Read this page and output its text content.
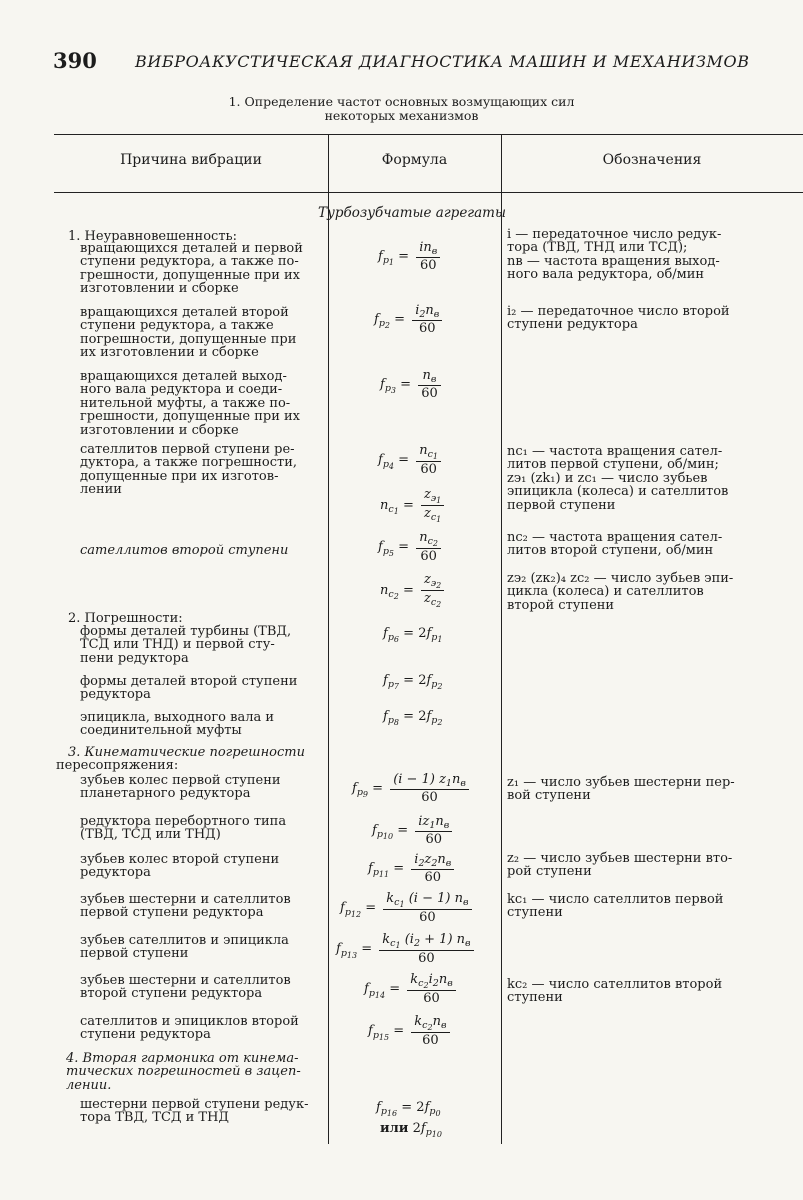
390 ВИБРОАКУСТИЧЕСКАЯ ДИАГНОСТИКА МАШИН И МЕХАНИЗМОВ
1. Определение частот основных возмущающих сил
некоторых механизмов
Причина вибрации	Формула	Обозначения
Турбозубчатые агрегаты
1. Неуравновешенность:
вращающихся деталей и первой
ступени редуктора, а также по-
грешности, допущенные при их
изготовлении и сборке
вращающихся деталей второй
ступени редуктора, а также
погрешности, допущенные при
их изготовлении и сборке
вращающихся деталей выход-
ного вала редуктора и соеди-
нительной муфты, а также по-
грешности, допущенные при их
изготовлении и сборке
сателлитов первой ступени ре-
дуктора, а также погрешности,
допущенные при их изготов-
лении
сателлитов второй ступени
2. Погрешности:
формы деталей турбины (ТВД,
ТСД или ТНД) и первой сту-
пени редуктора
формы деталей второй ступени
редуктора
эпицикла, выходного вала и
соединительной муфты
3. Кинематические погрешности
пересопряжения:
зубьев колес первой ступени
планетарного редуктора
редуктора перебортного типа
(ТВД, ТСД или ТНД)
зубьев колес второй ступени
редуктора
зубьев шестерни и сателлитов
первой ступени редуктора
зубьев сателлитов и эпицикла
первой ступени
зубьев шестерни и сателлитов
второй ступени редуктора
сателлитов и эпициклов второй
ступени редуктора
4. Вторая гармоника от кинема-
тических погрешностей в зацеп-
лении.
шестерни первой ступени редук-
тора ТВД, ТСД и ТНД
$f_{p_1}$ =
$in_в$
60
$f_{p_2}$ =
$i_2n_в$
60
$f_{p_3}$ =
$n_в$
60
$f_{p_4} = \frac{n_{c_1}}{60}$
$n_{c_1}$ =
$z_{э_1}$
$z_{c_1}$
$f_{p_5} = \frac{n_{c_2}}{60}$
$n_{c_2}$ =
$z_{э_2}$
$z_{c_2}$
$f_{p_6} = 2f_{p_1}$
$f_{p_7} = 2f_{p_2}$
$f_{p_8} = 2f_{p_2}$
$f_{p_9}$ =
(i − 1) $z_1n_в$
60
$f_{p_{10}}$ =
$iz_1n_в$
60
$f_{p_{11}}$ =
$i_2z_2n_в$
60
$f_{p_{12}}$ =
$k_{c_1}$ (i − 1) $n_в$
60
$f_{p_{13}}$ =
$k_{c_1}$ $(i_2 + 1)$ $n_в$
60
$f_{p_{14}}$ =
$k_{c_2}i_2n_в$
60
$f_{p_{15}}$ =
$k_{c_2}n_в$
60
$f_{p_{16}} = 2f_{p_0}$
или $2f_{p_{10}}$
i — передаточное число редук-
тора (ТВД, ТНД или ТСД);
nв — частота вращения выход-
ного вала редуктора, об/мин
i₂ — передаточное число второй
ступени редуктора
nc₁ — частота вращения сател-
литов первой ступени, об/мин;
zэ₁ (zk₁) и zc₁ — число зубьев
эпицикла (колеса) и сателлитов
первой ступени
nc₂ — частота вращения сател-
литов второй ступени, об/мин
zэ₂ (zк₂)₄ zc₂ — число зубьев эпи-
цикла (колеса) и сателлитов
второй ступени
z₁ — число зубьев шестерни пер-
вой ступени
z₂ — число зубьев шестерни вто-
рой ступени
kc₁ — число сателлитов первой
ступени
kc₂ — число сателлитов второй
ступени
